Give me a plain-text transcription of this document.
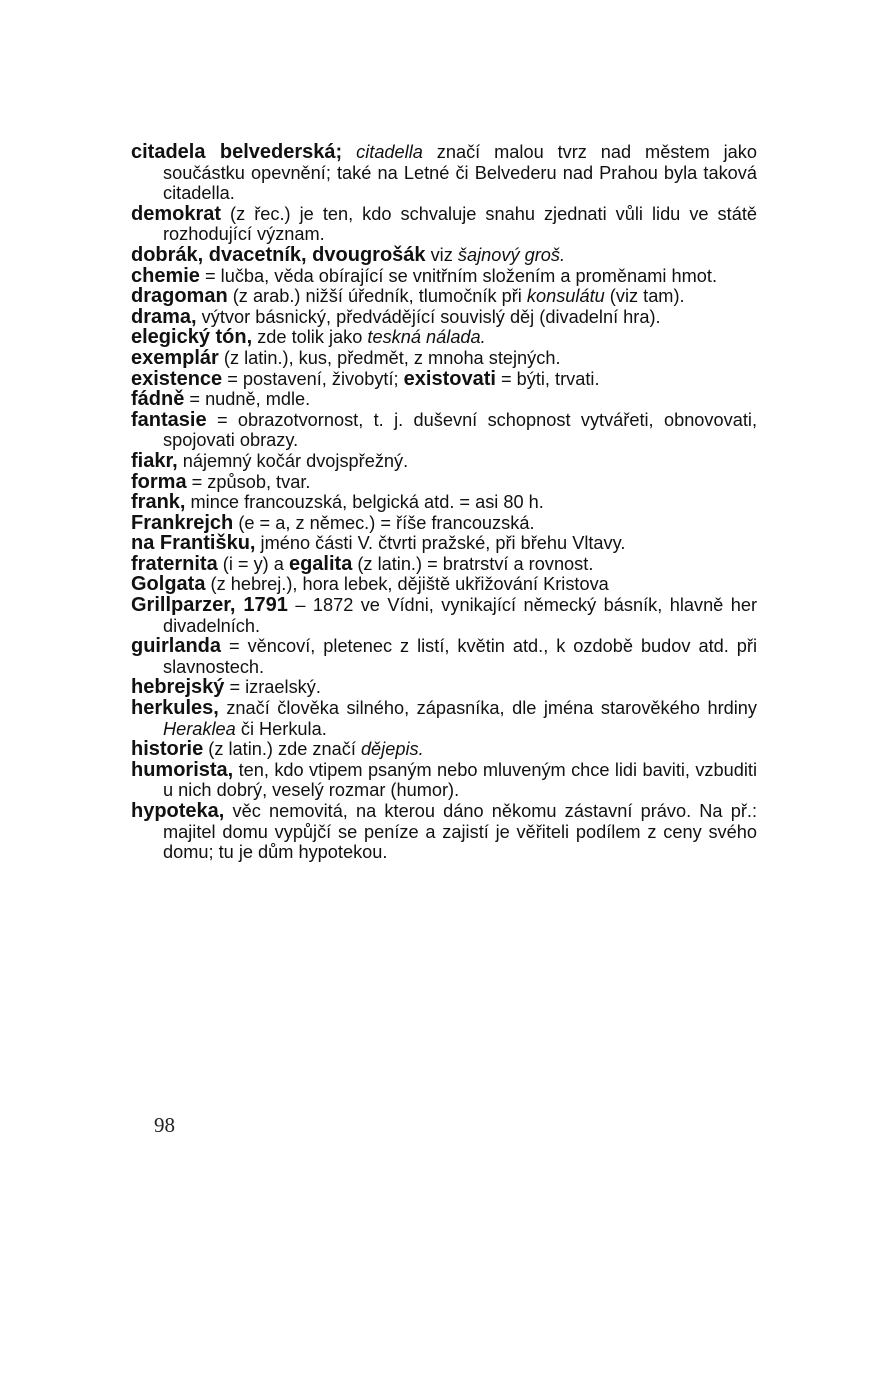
citadela belvederská; citadella značí malou tvrz nad městem jako součástku opevnění; také na Letné či Belvederu nad Prahou byla taková citadella.

demokrat (z řec.) je ten, kdo schvaluje snahu zjednati vůli lidu ve státě rozhodující význam.

dobrák, dvacetník, dvougrošák viz šajnový groš.

chemie = lučba, věda obírající se vnitřním složením a proměnami hmot.

dragoman (z arab.) nižší úředník, tlumočník při konsulátu (viz tam).

drama, výtvor básnický, předvádějící souvislý děj (divadelní hra).

elegický tón, zde tolik jako teskná nálada.

exemplár (z latin.), kus, předmět, z mnoha stejných.

existence = postavení, živobytí; existovati = býti, trvati.

fádně = nudně, mdle.

fantasie = obrazotvornost, t. j. duševní schopnost vytvářeti, obnovovati, spojovati obrazy.

fiakr, nájemný kočár dvojspřežný.

forma = způsob, tvar.

frank, mince francouzská, belgická atd. = asi 80 h.

Frankrejch (e = a, z němec.) = říše francouzská.

na Františku, jméno části V. čtvrti pražské, při břehu Vltavy.

fraternita (i = y) a egalita (z latin.) = bratrství a rovnost.

Golgata (z hebrej.), hora lebek, dějiště ukřižování Kristova

Grillparzer, 1791 – 1872 ve Vídni, vynikající německý básník, hlavně her divadelních.

guirlanda = věncoví, pletenec z listí, květin atd., k ozdobě budov atd. při slavnostech.

hebrejský = izraelský.

herkules, značí člověka silného, zápasníka, dle jména starověkého hrdiny Heraklea či Herkula.

historie (z latin.) zde značí dějepis.

humorista, ten, kdo vtipem psaným nebo mluveným chce lidi baviti, vzbuditi u nich dobrý, veselý rozmar (humor).

hypoteka, věc nemovitá, na kterou dáno někomu zástavní právo. Na př.: majitel domu vypůjčí se peníze a zajistí je věřiteli podílem z ceny svého domu; tu je dům hypotekou.

98
